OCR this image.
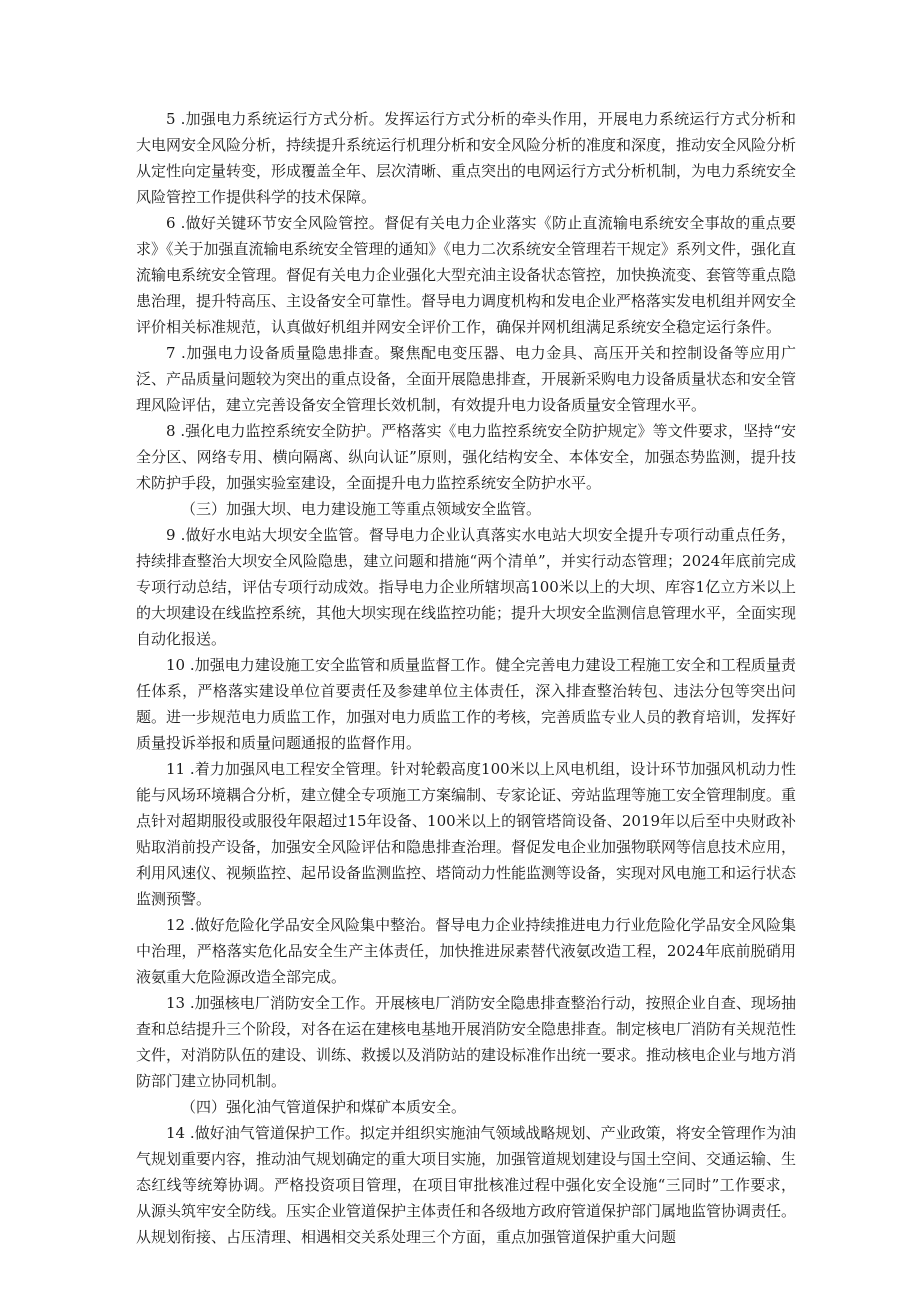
5 .加强电力系统运行方式分析。发挥运行方式分析的牵头作用，开展电力系统运行方式分析和大电网安全风险分析，持续提升系统运行机理分析和安全风险分析的准度和深度，推动安全风险分析从定性向定量转变，形成覆盖全年、层次清晰、重点突出的电网运行方式分析机制，为电力系统安全风险管控工作提供科学的技术保障。

6 .做好关键环节安全风险管控。督促有关电力企业落实《防止直流输电系统安全事故的重点要求》《关于加强直流输电系统安全管理的通知》《电力二次系统安全管理若干规定》系列文件，强化直流输电系统安全管理。督促有关电力企业强化大型充油主设备状态管控，加快换流变、套管等重点隐患治理，提升特高压、主设备安全可靠性。督导电力调度机构和发电企业严格落实发电机组并网安全评价相关标准规范，认真做好机组并网安全评价工作，确保并网机组满足系统安全稳定运行条件。

7 .加强电力设备质量隐患排查。聚焦配电变压器、电力金具、高压开关和控制设备等应用广泛、产品质量问题较为突出的重点设备，全面开展隐患排查，开展新采购电力设备质量状态和安全管理风险评估，建立完善设备安全管理长效机制，有效提升电力设备质量安全管理水平。

8 .强化电力监控系统安全防护。严格落实《电力监控系统安全防护规定》等文件要求，坚持“安全分区、网络专用、横向隔离、纵向认证”原则，强化结构安全、本体安全，加强态势监测，提升技术防护手段，加强实验室建设，全面提升电力监控系统安全防护水平。

（三）加强大坝、电力建设施工等重点领域安全监管。

9 .做好水电站大坝安全监管。督导电力企业认真落实水电站大坝安全提升专项行动重点任务，持续排查整治大坝安全风险隐患，建立问题和措施“两个清单”，并实行动态管理；2024年底前完成专项行动总结，评估专项行动成效。指导电力企业所辖坝高100米以上的大坝、库容1亿立方米以上的大坝建设在线监控系统，其他大坝实现在线监控功能；提升大坝安全监测信息管理水平，全面实现自动化报送。

10 .加强电力建设施工安全监管和质量监督工作。健全完善电力建设工程施工安全和工程质量责任体系，严格落实建设单位首要责任及参建单位主体责任，深入排查整治转包、违法分包等突出问题。进一步规范电力质监工作，加强对电力质监工作的考核，完善质监专业人员的教育培训，发挥好质量投诉举报和质量问题通报的监督作用。

11 .着力加强风电工程安全管理。针对轮毂高度100米以上风电机组，设计环节加强风机动力性能与风场环境耦合分析，建立健全专项施工方案编制、专家论证、旁站监理等施工安全管理制度。重点针对超期服役或服役年限超过15年设备、100米以上的钢管塔筒设备、2019年以后至中央财政补贴取消前投产设备，加强安全风险评估和隐患排查治理。督促发电企业加强物联网等信息技术应用，利用风速仪、视频监控、起吊设备监测监控、塔筒动力性能监测等设备，实现对风电施工和运行状态监测预警。

12 .做好危险化学品安全风险集中整治。督导电力企业持续推进电力行业危险化学品安全风险集中治理，严格落实危化品安全生产主体责任，加快推进尿素替代液氨改造工程，2024年底前脱硝用液氨重大危险源改造全部完成。

13 .加强核电厂消防安全工作。开展核电厂消防安全隐患排查整治行动，按照企业自查、现场抽查和总结提升三个阶段，对各在运在建核电基地开展消防安全隐患排查。制定核电厂消防有关规范性文件，对消防队伍的建设、训练、救援以及消防站的建设标准作出统一要求。推动核电企业与地方消防部门建立协同机制。

（四）强化油气管道保护和煤矿本质安全。

14 .做好油气管道保护工作。拟定并组织实施油气领域战略规划、产业政策，将安全管理作为油气规划重要内容，推动油气规划确定的重大项目实施，加强管道规划建设与国土空间、交通运输、生态红线等统筹协调。严格投资项目管理，在项目审批核准过程中强化安全设施“三同时”工作要求，从源头筑牢安全防线。压实企业管道保护主体责任和各级地方政府管道保护部门属地监管协调责任。从规划衔接、占压清理、相遇相交关系处理三个方面，重点加强管道保护重大问题
